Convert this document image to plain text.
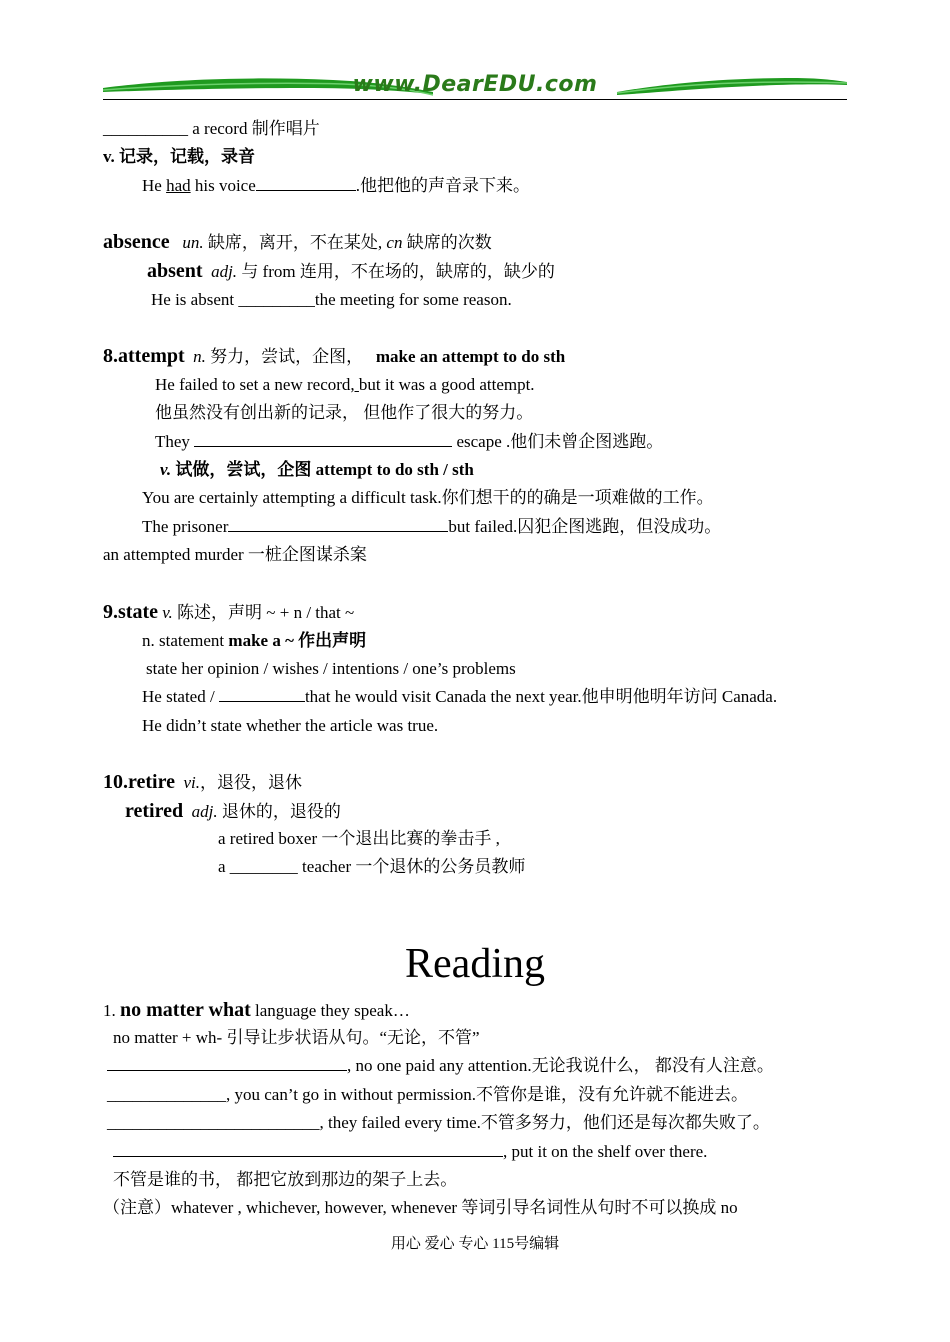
www.DearEDU.com
__________ a record 制作唱片
v. 记录，记载，录音
He had his voice	.他把他的声音录下来。
absence un. 缺席，离开，不在某处, cn 缺席的次数
absent adj. 与 from 连用，不在场的，缺席的，缺少的
He is absent _________the meeting for some reason.
8.attempt n. 努力，尝试，企图，   make an attempt to do sth
He failed to set a new record, but it was a good attempt.
他虽然没有创出新的记录， 但他作了很大的努力。
They	escape .他们未曾企图逃跑。
v. 试做，尝试，企图 attempt to do sth / sth
You are certainly attempting a difficult task.你们想干的的确是一项难做的工作。
The prisoner	but failed.囚犯企图逃跑，但没成功。
an attempted murder 一桩企图谋杀案
9.state v. 陈述，声明 ~ + n / that ~
n. statement make a ~ 作出声明
state her opinion / wishes / intentions / one’s problems
He stated /	that he would visit Canada the next year.他申明他明年访问 Canada.
He didn’t state whether the article was true.
10.retire vi.，退役，退休
retired adj. 退休的，退役的
a retired boxer 一个退出比赛的拳击手 ,
a ________ teacher 一个退休的公务员教师
Reading
1. no matter what language they speak…
no matter + wh- 引导让步状语从句。“无论，不管”
, no one paid any attention.无论我说什么， 都没有人注意。
______________, you can’t go in without permission.不管你是谁，没有允许就不能进去。
_________________________, they failed every time.不管多努力，他们还是每次都失败了。
, put it on the shelf over there.
不管是谁的书， 都把它放到那边的架子上去。
（注意）whatever , whichever, however, whenever 等词引导名词性从句时不可以换成 no
用心 爱心 专心 115号编辑
